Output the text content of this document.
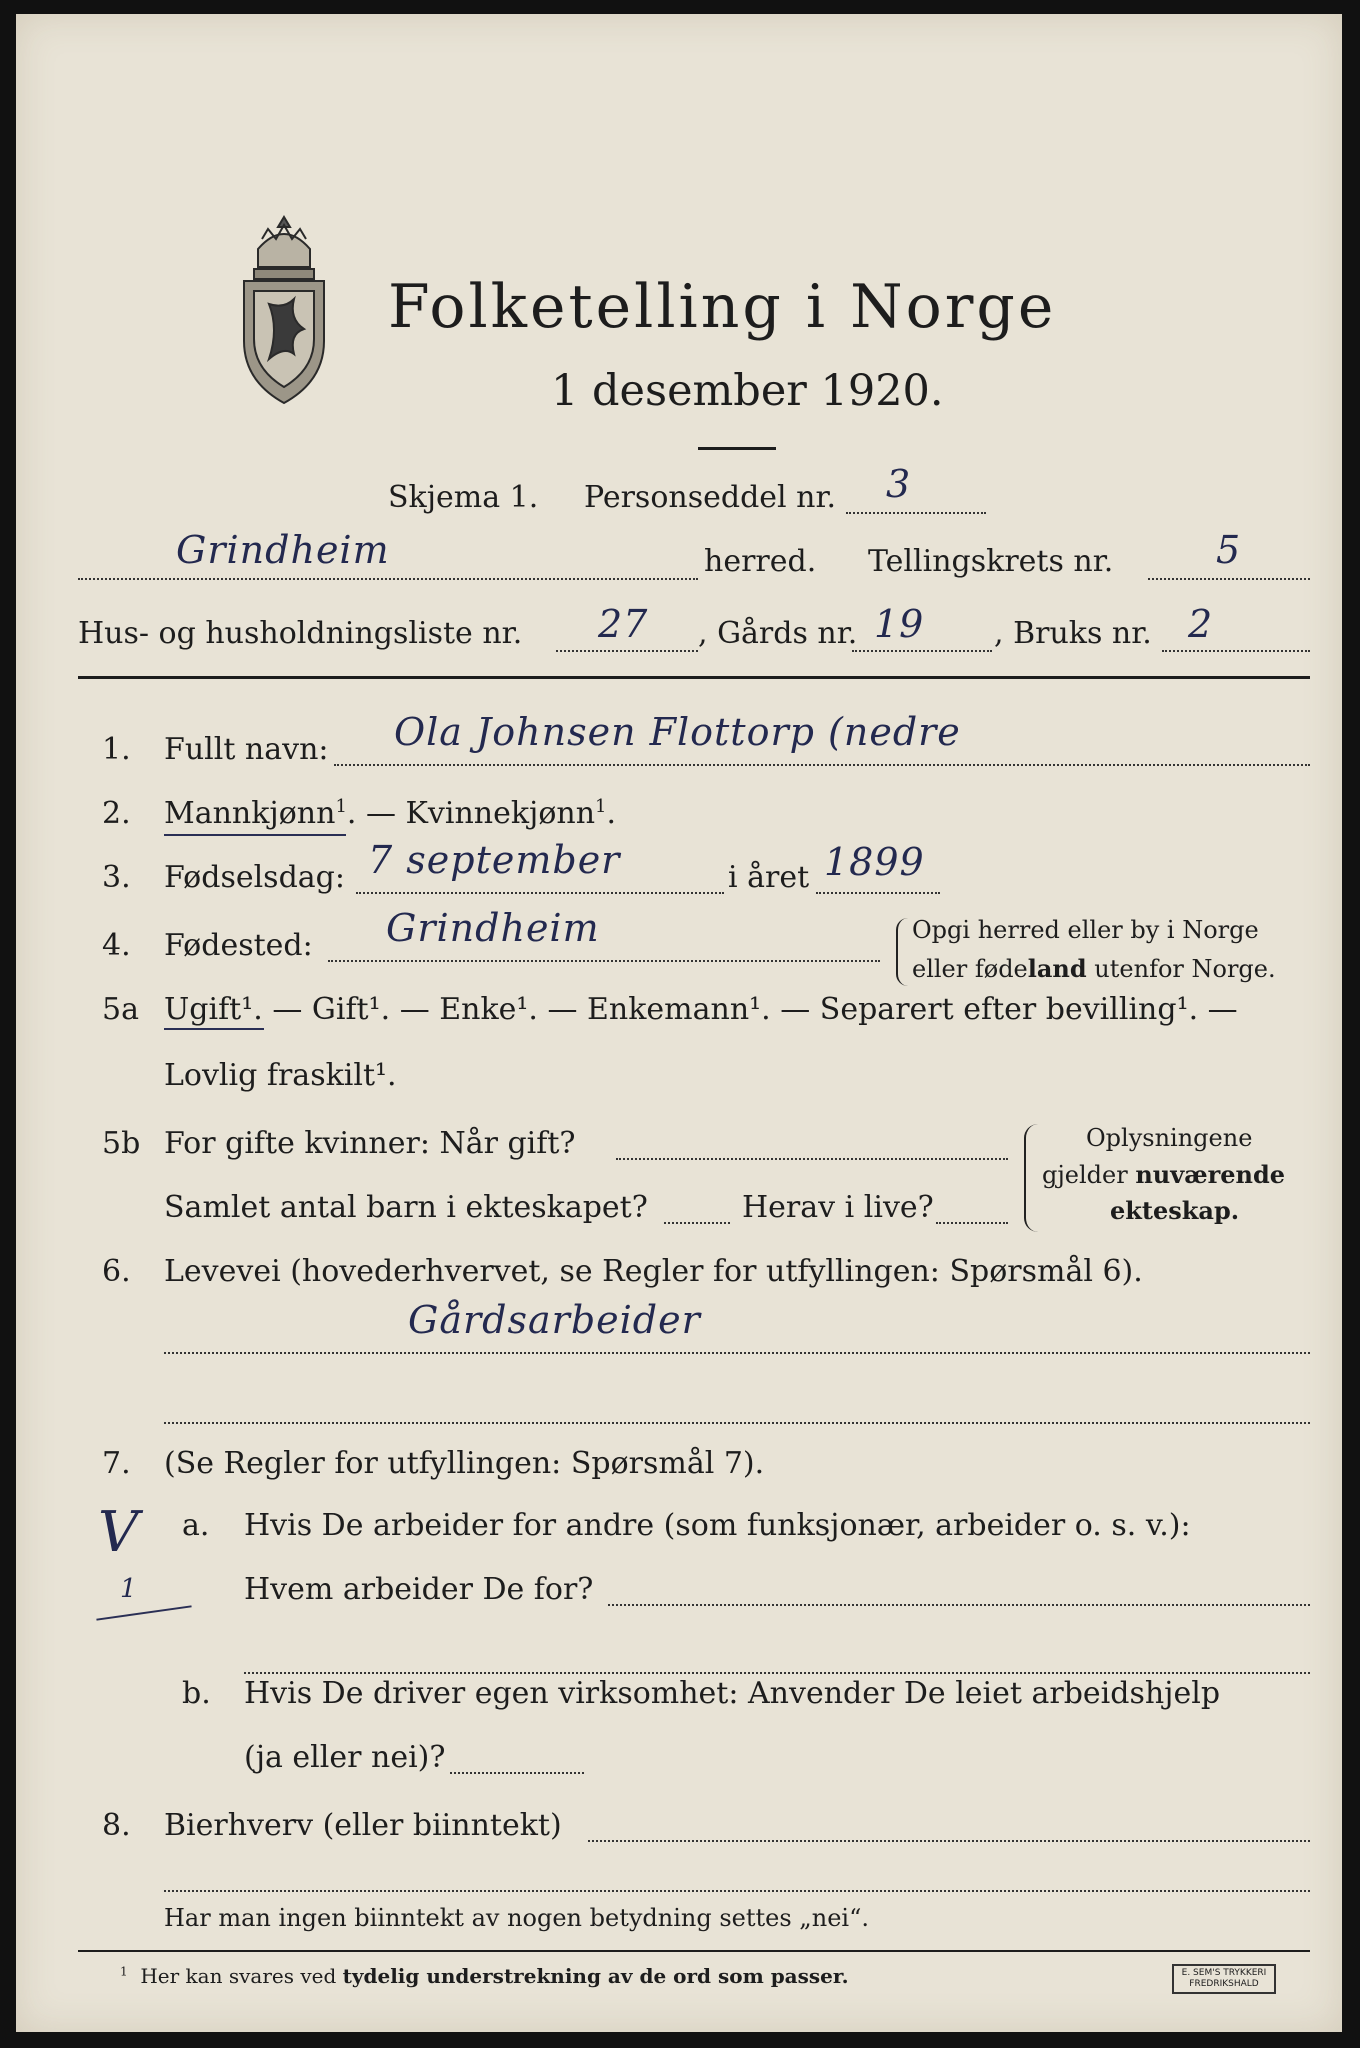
Folketelling i Norge
1 desember 1920.
Skjema 1. Personseddel nr. 3
Grindheim	herred. Tellingskrets nr.	5
Hus- og husholdningsliste nr. 27 , Gårds nr. 19 , Bruks nr. 2
1. Fullt navn: Ola Johnsen Flottorp (nedre
2. Mannkjønn$^1$. — Kvinnekjønn$^1$.
3. Fødselsdag: 7 september	i året 1899
4. Fødested: Grindheim	Opgi herred eller by i Norge
eller fødeland utenfor Norge.
5a Ugift¹. — Gift¹. — Enke¹. — Enkemann¹. — Separert efter bevilling¹. —
Lovlig fraskilt¹.
5b For gifte kvinner: Når gift?
Samlet antal barn i ekteskapet?	Herav i live?
Oplysningene
gjelder nuværende
ekteskap.
6. Levevei (hovederhvervet, se Regler for utfyllingen: Spørsmål 6).
Gårdsarbeider
7. (Se Regler for utfyllingen: Spørsmål 7).
V
1
a. Hvis De arbeider for andre (som funksjonær, arbeider o. s. v.):
Hvem arbeider De for?
b. Hvis De driver egen virksomhet: Anvender De leiet arbeidshjelp
(ja eller nei)?
8. Bierhverv (eller biinntekt)
Har man ingen biinntekt av nogen betydning settes „nei“.
$^1$ Her kan svares ved tydelig understrekning av de ord som passer.	E. SEM'S TRYKKERI
FREDRIKSHALD
